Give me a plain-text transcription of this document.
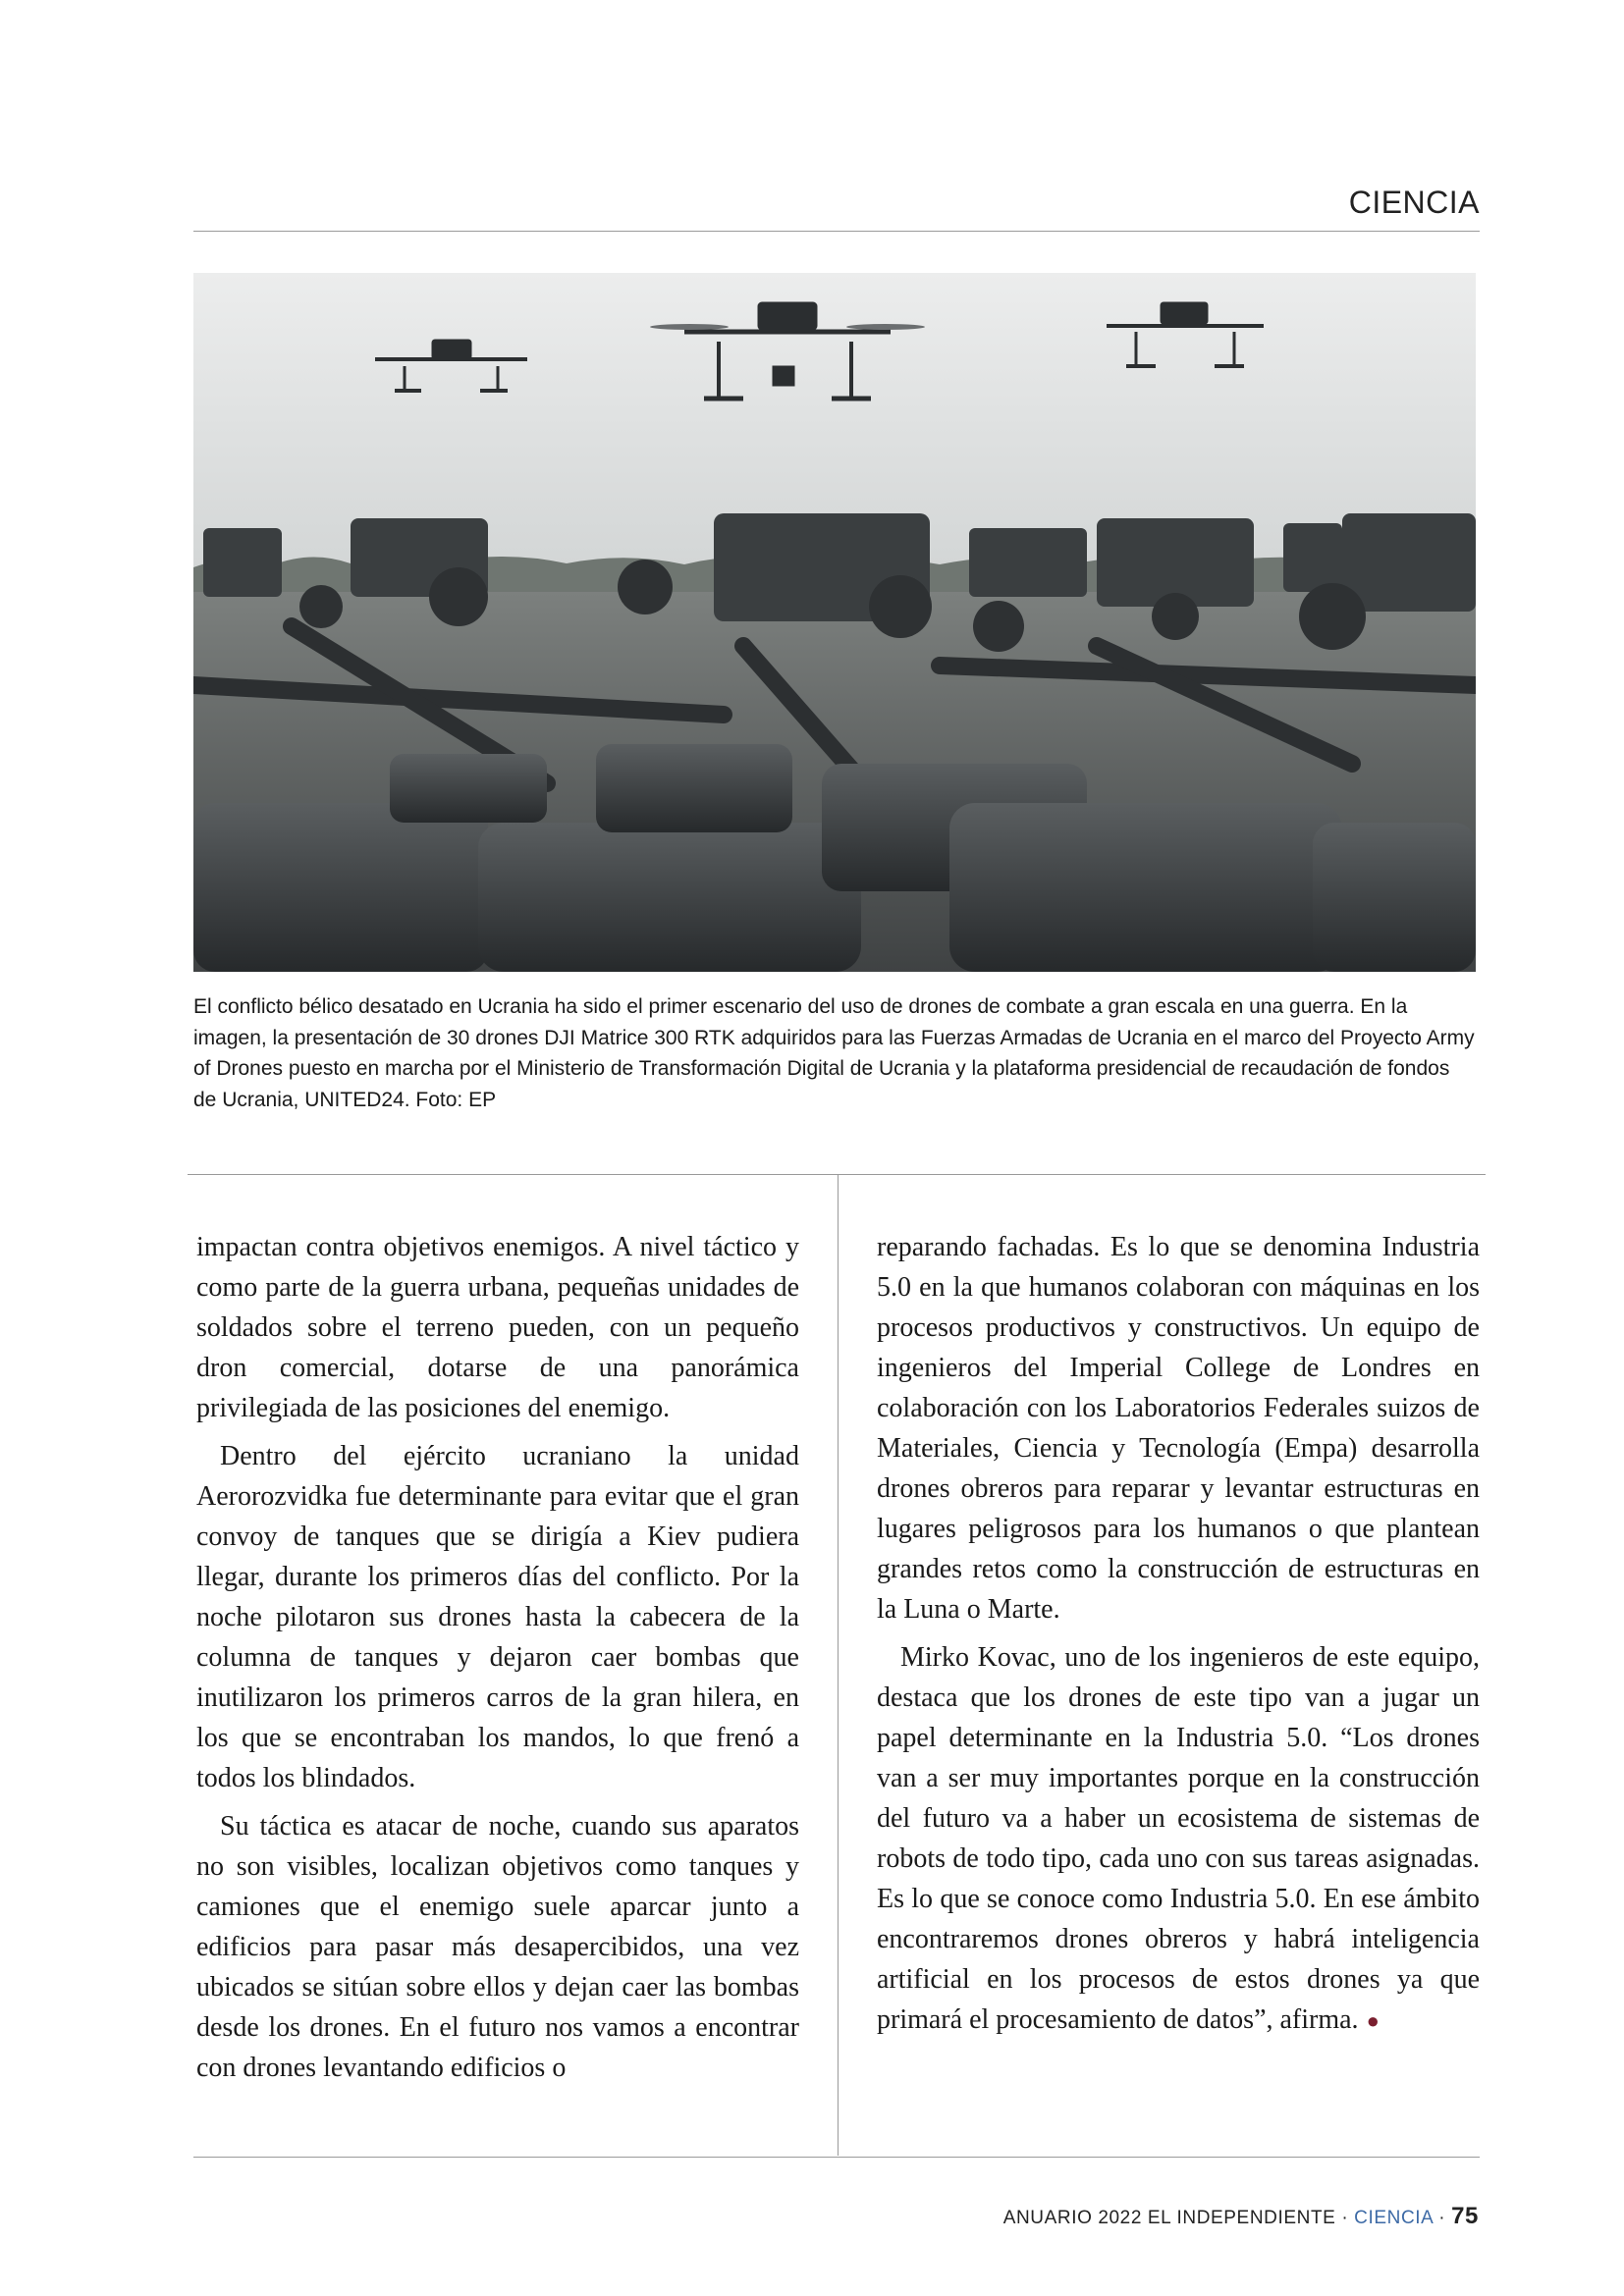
CIENCIA
El conflicto bélico desatado en Ucrania ha sido el primer escenario del uso de drones de combate a gran escala en una guerra. En la imagen, la presentación de 30 drones DJI Matrice 300 RTK adquiridos para las Fuerzas Armadas de Ucrania en el marco del Proyecto Army of Drones puesto en marcha por el Ministerio de Transformación Digital de Ucrania y la plataforma presidencial de recaudación de fondos de Ucrania, UNITED24. Foto: EP

impactan contra objetivos enemigos. A nivel táctico y como parte de la guerra urbana, pequeñas unidades de soldados sobre el terreno pueden, con un pequeño dron comercial, dotarse de una panorámica privilegiada de las posiciones del enemigo.

Dentro del ejército ucraniano la unidad Aerorozvidka fue determinante para evitar que el gran convoy de tanques que se dirigía a Kiev pudiera llegar, durante los primeros días del conflicto. Por la noche pilotaron sus drones hasta la cabecera de la columna de tanques y dejaron caer bombas que inutilizaron los primeros carros de la gran hilera, en los que se encontraban los mandos, lo que frenó a todos los blindados.

Su táctica es atacar de noche, cuando sus aparatos no son visibles, localizan objetivos como tanques y camiones que el enemigo suele aparcar junto a edificios para pasar más desapercibidos, una vez ubicados se sitúan sobre ellos y dejan caer las bombas desde los drones. En el futuro nos vamos a encontrar con drones levantando edificios o

reparando fachadas. Es lo que se denomina Industria 5.0 en la que humanos colaboran con máquinas en los procesos productivos y constructivos. Un equipo de ingenieros del Imperial College de Londres en colaboración con los Laboratorios Federales suizos de Materiales, Ciencia y Tecnología (Empa) desarrolla drones obreros para reparar y levantar estructuras en lugares peligrosos para los humanos o que plantean grandes retos como la construcción de estructuras en la Luna o Marte.

Mirko Kovac, uno de los ingenieros de este equipo, destaca que los drones de este tipo van a jugar un papel determinante en la Industria 5.0. “Los drones van a ser muy importantes porque en la construcción del futuro va a haber un ecosistema de sistemas de robots de todo tipo, cada uno con sus tareas asignadas. Es lo que se conoce como Industria 5.0. En ese ámbito encontraremos drones obreros y habrá inteligencia artificial en los procesos de estos drones ya que primará el procesamiento de datos”, afirma. ●

ANUARIO 2022 EL INDEPENDIENTE · CIENCIA · 75
